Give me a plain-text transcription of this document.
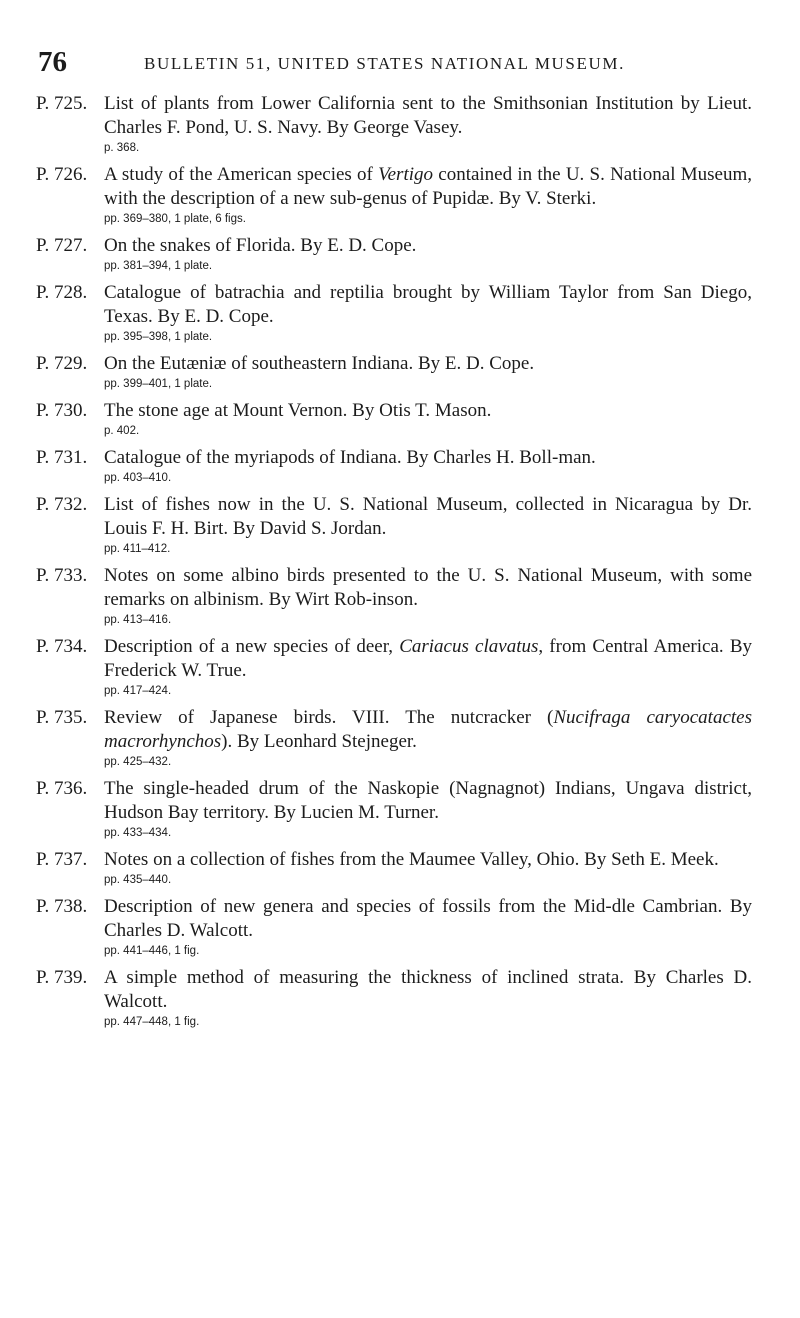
76	BULLETIN 51, UNITED STATES NATIONAL MUSEUM.
P. 725. List of plants from Lower California sent to the Smithsonian Institution by Lieut. Charles F. Pond, U. S. Navy. By George Vasey.

p. 368.
P. 726. A study of the American species of Vertigo contained in the U. S. National Museum, with the description of a new sub-genus of Pupidæ. By V. Sterki.

pp. 369–380, 1 plate, 6 figs.
P. 727. On the snakes of Florida. By E. D. Cope.

pp. 381–394, 1 plate.
P. 728. Catalogue of batrachia and reptilia brought by William Taylor from San Diego, Texas. By E. D. Cope.

pp. 395–398, 1 plate.
P. 729. On the Eutæniæ of southeastern Indiana. By E. D. Cope.

pp. 399–401, 1 plate.
P. 730. The stone age at Mount Vernon. By Otis T. Mason.

p. 402.
P. 731. Catalogue of the myriapods of Indiana. By Charles H. Boll-man.

pp. 403–410.
P. 732. List of fishes now in the U. S. National Museum, collected in Nicaragua by Dr. Louis F. H. Birt. By David S. Jordan.

pp. 411–412.
P. 733. Notes on some albino birds presented to the U. S. National Museum, with some remarks on albinism. By Wirt Rob-inson.

pp. 413–416.
P. 734. Description of a new species of deer, Cariacus clavatus, from Central America. By Frederick W. True.

pp. 417–424.
P. 735. Review of Japanese birds. VIII. The nutcracker (Nucifraga caryocatactes macrorhynchos). By Leonhard Stejneger.

pp. 425–432.
P. 736. The single-headed drum of the Naskopie (Nagnagnot) Indians, Ungava district, Hudson Bay territory. By Lucien M. Turner.

pp. 433–434.
P. 737. Notes on a collection of fishes from the Maumee Valley, Ohio. By Seth E. Meek.

pp. 435–440.
P. 738. Description of new genera and species of fossils from the Mid-dle Cambrian. By Charles D. Walcott.

pp. 441–446, 1 fig.
P. 739. A simple method of measuring the thickness of inclined strata. By Charles D. Walcott.

pp. 447–448, 1 fig.
